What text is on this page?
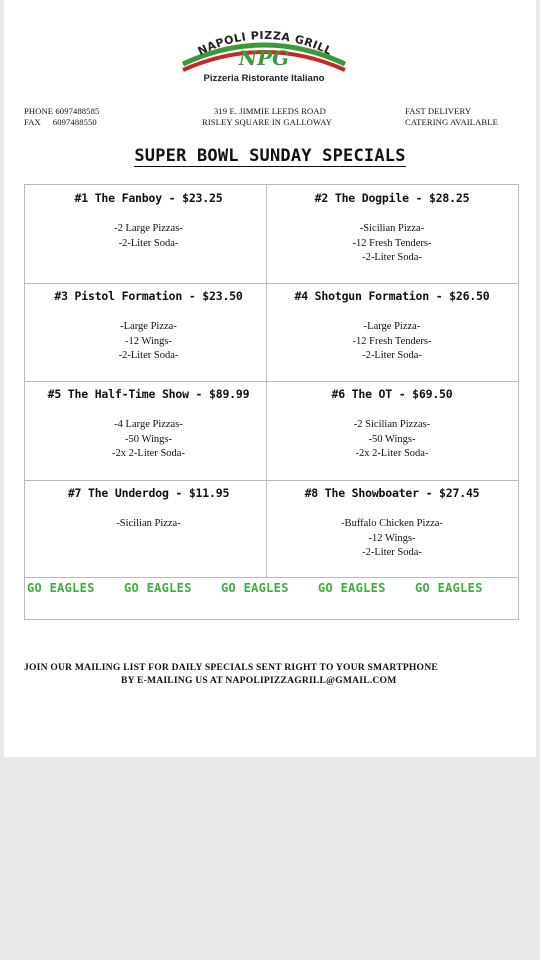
NAPOLI PIZZA GRILL
NPG
Pizzeria Ristorante Italiano
PHONE 6097488585
FAX 6097488550
319 E. JIMMIE LEEDS ROAD
RISLEY SQUARE IN GALLOWAY
FAST DELIVERY
CATERING AVAILABLE
SUPER BOWL SUNDAY SPECIALS
#1 The Fanboy - $23.25
-2 Large Pizzas-
-2-Liter Soda-
#2 The Dogpile - $28.25
-Sicilian Pizza-
-12 Fresh Tenders-
-2-Liter Soda-
#3 Pistol Formation - $23.50
-Large Pizza-
-12 Wings-
-2-Liter Soda-
#4 Shotgun Formation - $26.50
-Large Pizza-
-12 Fresh Tenders-
-2-Liter Soda-
#5 The Half-Time Show - $89.99
-4 Large Pizzas-
-50 Wings-
-2x 2-Liter Soda-
#6 The OT - $69.50
-2 Sicilian Pizzas-
-50 Wings-
-2x 2-Liter Soda-
#7 The Underdog - $11.95
-Sicilian Pizza-
#8 The Showboater - $27.45
-Buffalo Chicken Pizza-
-12 Wings-
-2-Liter Soda-
GO EAGLES GO EAGLES GO EAGLES GO EAGLES GO EAGLES
JOIN OUR MAILING LIST FOR DAILY SPECIALS SENT RIGHT TO YOUR SMARTPHONE
BY E-MAILING US AT NAPOLIPIZZAGRILL@GMAIL.COM
